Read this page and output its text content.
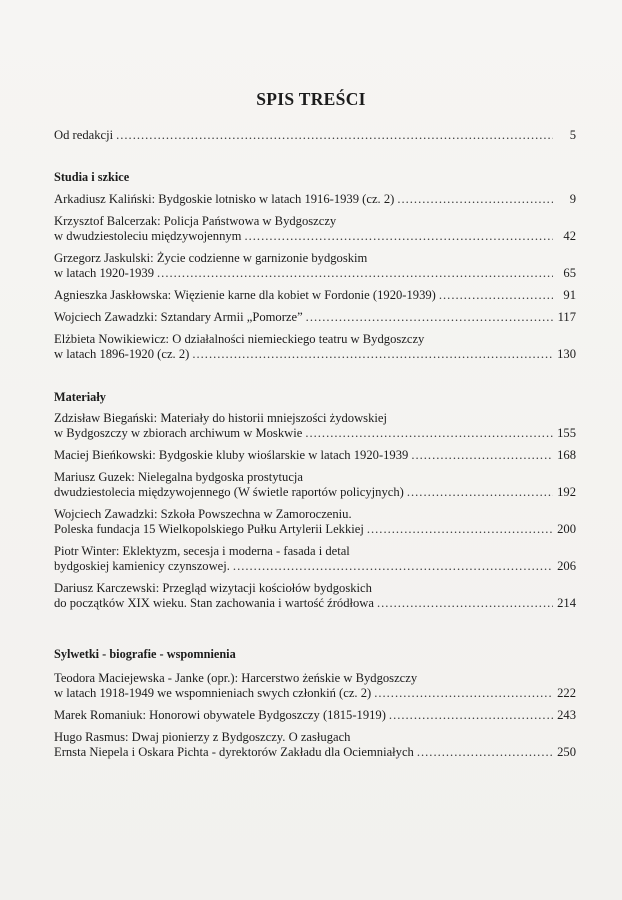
SPIS TREŚCI
Od redakcji .....	5
Studia i szkice
Arkadiusz Kaliński: Bydgoskie lotnisko w latach 1916-1939 (cz. 2) .....	9
Krzysztof Balcerzak: Policja Państwowa w Bydgoszczy
w dwudziestoleciu międzywojennym .....	42
Grzegorz Jaskulski: Życie codzienne w garnizonie bydgoskim
w latach 1920-1939 .....	65
Agnieszka Jaskłowska: Więzienie karne dla kobiet w Fordonie (1920-1939) .....	91
Wojciech Zawadzki: Sztandary Armii „Pomorze” .....	117
Elżbieta Nowikiewicz: O działalności niemieckiego teatru w Bydgoszczy
w latach 1896-1920 (cz. 2) .....	130
Materiały
Zdzisław Biegański: Materiały do historii mniejszości żydowskiej
w Bydgoszczy w zbiorach archiwum w Moskwie .....	155
Maciej Bieńkowski: Bydgoskie kluby wioślarskie w latach 1920-1939 .....	168
Mariusz Guzek: Nielegalna bydgoska prostytucja
dwudziestolecia międzywojennego (W świetle raportów policyjnych) .....	192
Wojciech Zawadzki: Szkoła Powszechna w Zamoroczeniu.
Poleska fundacja 15 Wielkopolskiego Pułku Artylerii Lekkiej .....	200
Piotr Winter: Eklektyzm, secesja i moderna - fasada i detal
bydgoskiej kamienicy czynszowej. .....	206
Dariusz Karczewski: Przegląd wizytacji kościołów bydgoskich
do początków XIX wieku. Stan zachowania i wartość źródłowa .....	214
Sylwetki - biografie - wspomnienia
Teodora Maciejewska - Janke (opr.): Harcerstwo żeńskie w Bydgoszczy
w latach 1918-1949 we wspomnieniach swych członkiń (cz. 2) .....	222
Marek Romaniuk: Honorowi obywatele Bydgoszczy (1815-1919) .....	243
Hugo Rasmus: Dwaj pionierzy z Bydgoszczy. O zasługach
Ernsta Niepela i Oskara Pichta - dyrektorów Zakładu dla Ociemniałych .....	250
